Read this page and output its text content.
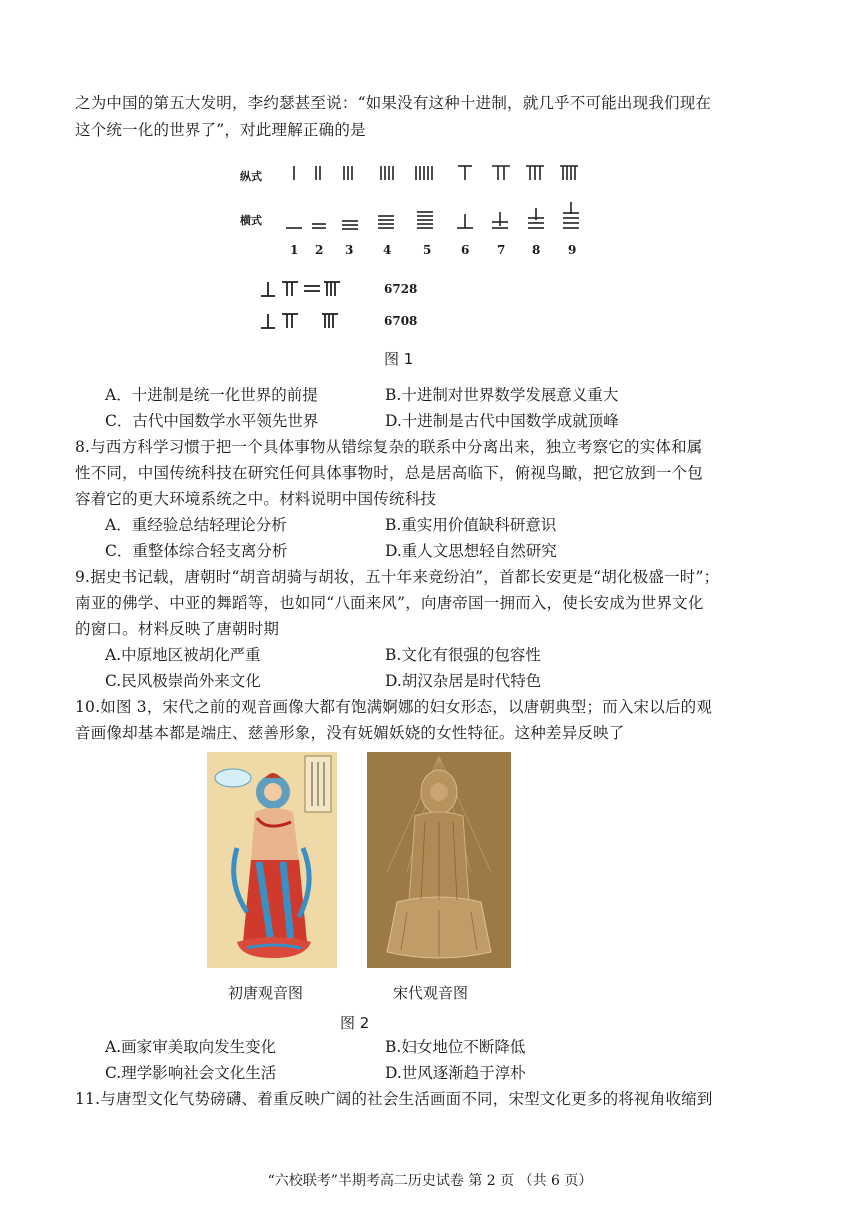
之为中国的第五大发明，李约瑟甚至说：“如果没有这种十进制，就几乎不可能出现我们现在
这个统一化的世界了”，对此理解正确的是
纵式
横式
1 2 3 4	5 6 7 8 9
6728
6708
图 1
A．十进制是统一化世界的前提	B.十进制对世界数学发展意义重大
C．古代中国数学水平领先世界	D.十进制是古代中国数学成就顶峰
8.与西方科学习惯于把一个具体事物从错综复杂的联系中分离出来，独立考察它的实体和属
性不同，中国传统科技在研究任何具体事物时，总是居高临下，俯视鸟瞰，把它放到一个包
容着它的更大环境系统之中。材料说明中国传统科技
A．重经验总结轻理论分析	B.重实用价值缺科研意识
C．重整体综合轻支离分析	D.重人文思想轻自然研究
9.据史书记载，唐朝时“胡音胡骑与胡妆，五十年来竞纷泊”，首都长安更是“胡化极盛一时”；
南亚的佛学、中亚的舞蹈等，也如同“八面来风”，向唐帝国一拥而入，使长安成为世界文化
的窗口。材料反映了唐朝时期
A.中原地区被胡化严重	B.文化有很强的包容性
C.民风极崇尚外来文化	D.胡汉杂居是时代特色
10.如图 3，宋代之前的观音画像大都有饱满婀娜的妇女形态，以唐朝典型；而入宋以后的观
音画像却基本都是端庄、慈善形象，没有妩媚妖娆的女性特征。这种差异反映了
初唐观音图	宋代观音图
图 2
A.画家审美取向发生变化	B.妇女地位不断降低
C.理学影响社会文化生活	D.世风逐渐趋于淳朴
11.与唐型文化气势磅礴、着重反映广阔的社会生活画面不同，宋型文化更多的将视角收缩到
“六校联考”半期考高二历史试卷 第 2 页 （共 6 页）
